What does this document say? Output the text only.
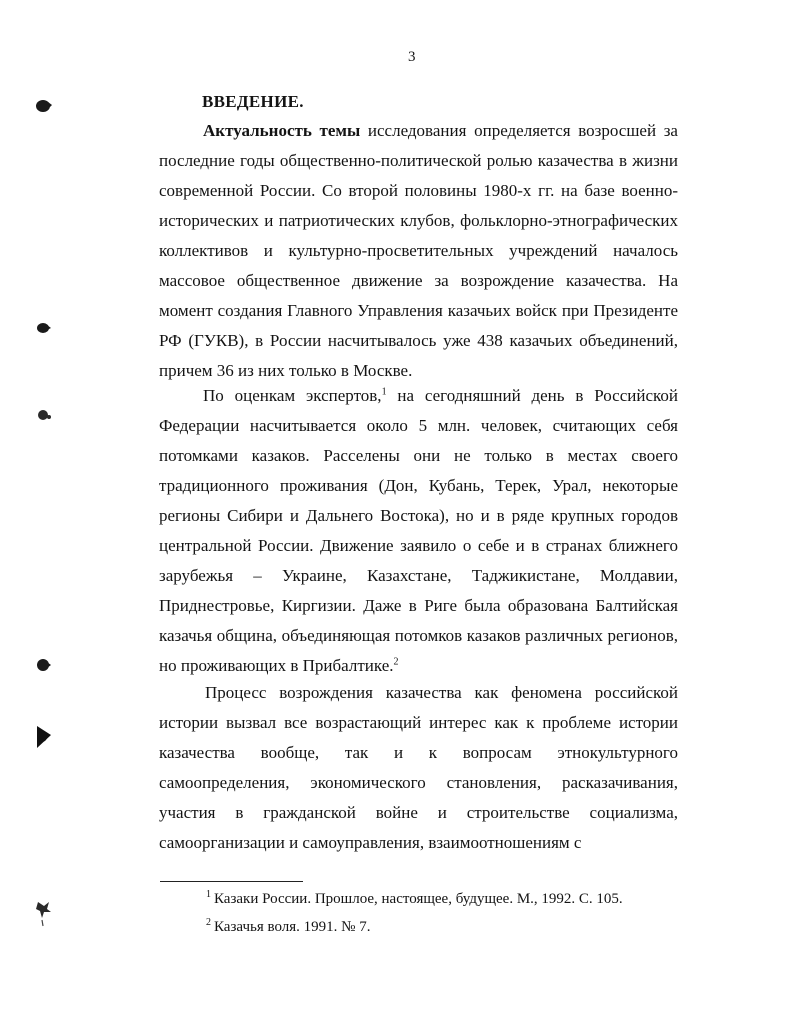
3
ВВЕДЕНИЕ.

Актуальность темы исследования определяется возросшей за последние годы общественно-политической ролью казачества в жизни современной России. Со второй половины 1980-х гг. на базе военно-исторических и патриотических клубов, фольклорно-этнографических коллективов и культурно-просветительных учреждений началось массовое общественное движение за возрождение казачества. На момент создания Главного Управления казачьих войск при Президенте РФ (ГУКВ), в России насчитывалось уже 438 казачьих объединений, причем 36 из них только в Москве.

По оценкам экспертов,$^1$ на сегодняшний день в Российской Федерации насчитывается около 5 млн. человек, считающих себя потомками казаков. Расселены они не только в местах своего традиционного проживания (Дон, Кубань, Терек, Урал, некоторые регионы Сибири и Дальнего Востока), но и в ряде крупных городов центральной России. Движение заявило о себе и в странах ближнего зарубежья – Украине, Казахстане, Таджикистане, Молдавии, Приднестровье, Киргизии. Даже в Риге была образована Балтийская казачья община, объединяющая потомков казаков различных регионов, но проживающих в Прибалтике.$^2$

Процесс возрождения казачества как феномена российской истории вызвал все возрастающий интерес как к проблеме истории казачества вообще, так и к вопросам этнокультурного самоопределения, экономического становления, расказачивания, участия в гражданской войне и строительстве социализма, самоорганизации и самоуправления, взаимоотношениям с

$^1$ Казаки России. Прошлое, настоящее, будущее. М., 1992. С. 105.
$^2$ Казачья воля. 1991. № 7.
